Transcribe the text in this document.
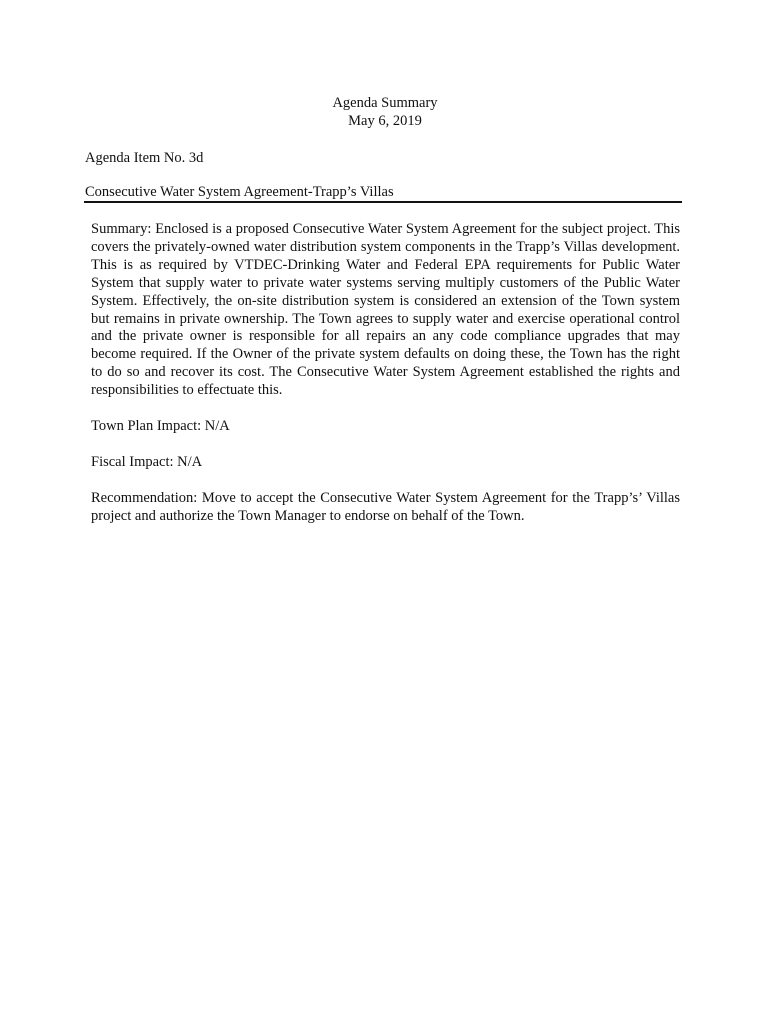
Agenda Summary
May 6, 2019
Agenda Item No. 3d
Consecutive Water System Agreement-Trapp’s Villas

Summary: Enclosed is a proposed Consecutive Water System Agreement for the subject project. This covers the privately-owned water distribution system components in the Trapp’s Villas development. This is as required by VTDEC-Drinking Water and Federal EPA requirements for Public Water System that supply water to private water systems serving multiply customers of the Public Water System. Effectively, the on-site distribution system is considered an extension of the Town system but remains in private ownership. The Town agrees to supply water and exercise operational control and the private owner is responsible for all repairs an any code compliance upgrades that may become required. If the Owner of the private system defaults on doing these, the Town has the right to do so and recover its cost. The Consecutive Water System Agreement established the rights and responsibilities to effectuate this.

Town Plan Impact: N/A

Fiscal Impact: N/A

Recommendation: Move to accept the Consecutive Water System Agreement for the Trapp’s’ Villas project and authorize the Town Manager to endorse on behalf of the Town.
